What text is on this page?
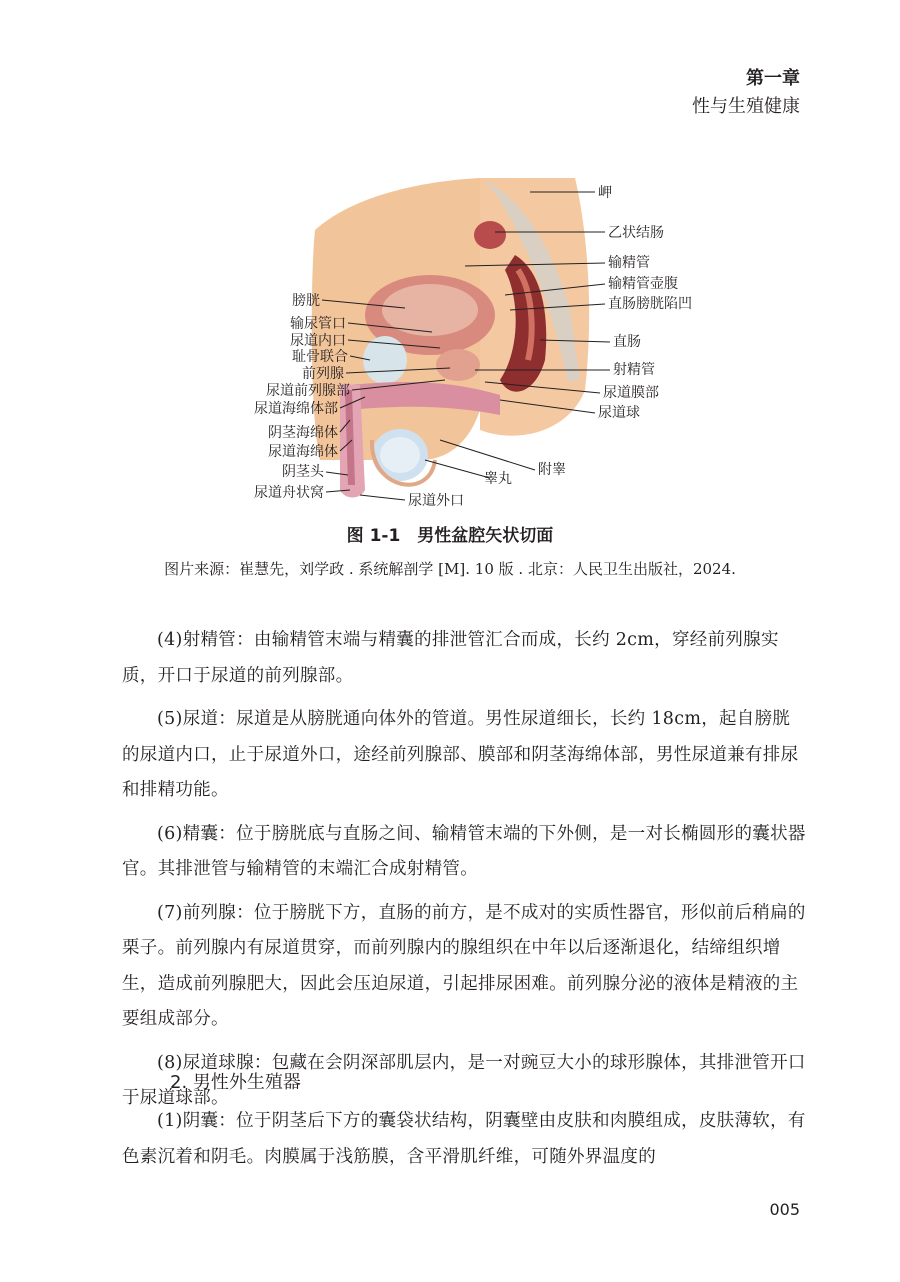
第一章
性与生殖健康
膀胱
输尿管口
尿道内口
耻骨联合
前列腺
尿道前列腺部
尿道海绵体部
阴茎海绵体
尿道海绵体
阴茎头
尿道舟状窝
岬
乙状结肠
输精管
输精管壶腹
直肠膀胱陷凹
直肠
射精管
尿道膜部
尿道球
附睾
睾丸
尿道外口
图 1-1　男性盆腔矢状切面
图片来源：崔慧先，刘学政 . 系统解剖学 [M]. 10 版 . 北京：人民卫生出版社，2024.

(4)射精管：由输精管末端与精囊的排泄管汇合而成，长约 2cm，穿经前列腺实质，开口于尿道的前列腺部。

(5)尿道：尿道是从膀胱通向体外的管道。男性尿道细长，长约 18cm，起自膀胱的尿道内口，止于尿道外口，途经前列腺部、膜部和阴茎海绵体部，男性尿道兼有排尿和排精功能。

(6)精囊：位于膀胱底与直肠之间、输精管末端的下外侧，是一对长椭圆形的囊状器官。其排泄管与输精管的末端汇合成射精管。

(7)前列腺：位于膀胱下方，直肠的前方，是不成对的实质性器官，形似前后稍扁的栗子。前列腺内有尿道贯穿，而前列腺内的腺组织在中年以后逐渐退化，结缔组织增生，造成前列腺肥大，因此会压迫尿道，引起排尿困难。前列腺分泌的液体是精液的主要组成部分。

(8)尿道球腺：包藏在会阴深部肌层内，是一对豌豆大小的球形腺体，其排泄管开口于尿道球部。

2. 男性外生殖器

(1)阴囊：位于阴茎后下方的囊袋状结构，阴囊壁由皮肤和肉膜组成，皮肤薄软，有色素沉着和阴毛。肉膜属于浅筋膜，含平滑肌纤维，可随外界温度的

005
